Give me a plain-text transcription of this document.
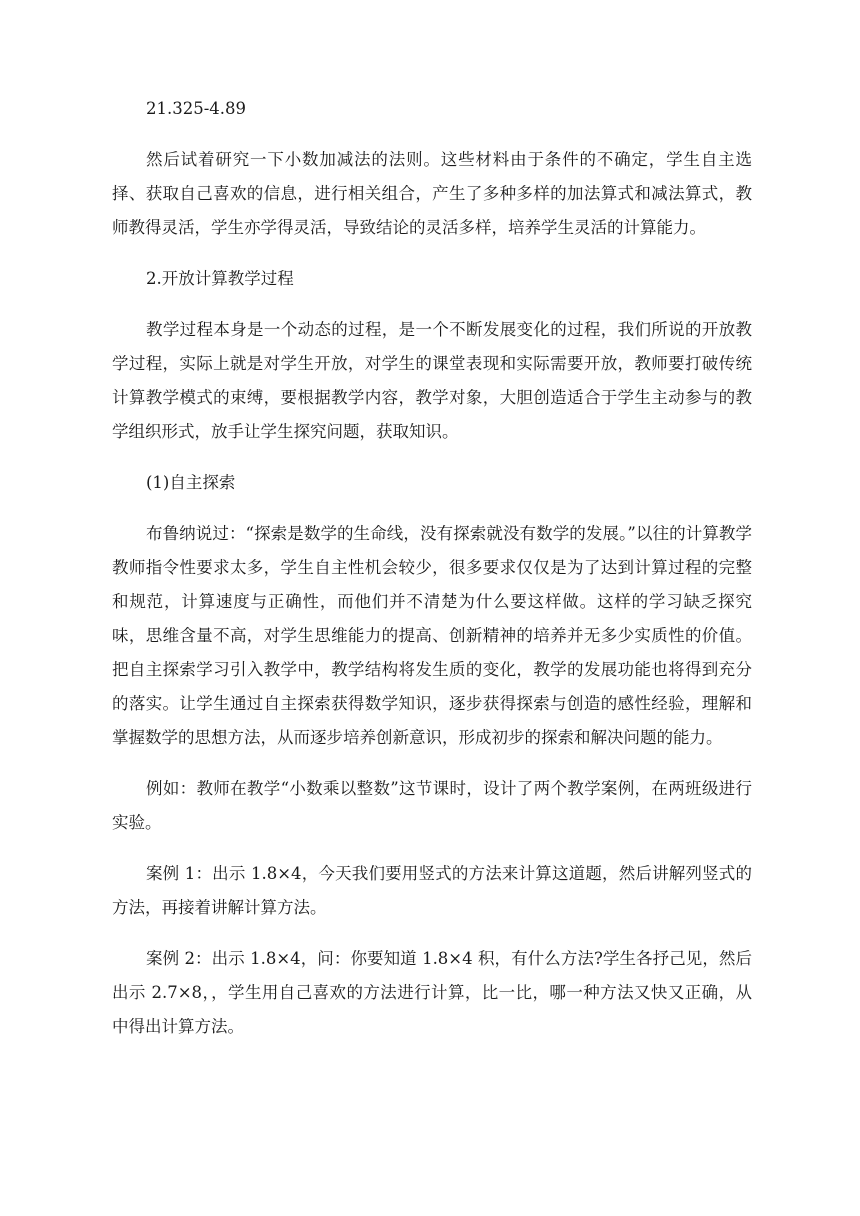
21.325-4.89

然后试着研究一下小数加减法的法则。这些材料由于条件的不确定，学生自主选择、获取自己喜欢的信息，进行相关组合，产生了多种多样的加法算式和减法算式，教师教得灵活，学生亦学得灵活，导致结论的灵活多样，培养学生灵活的计算能力。

2.开放计算教学过程

教学过程本身是一个动态的过程，是一个不断发展变化的过程，我们所说的开放教学过程，实际上就是对学生开放，对学生的课堂表现和实际需要开放，教师要打破传统计算教学模式的束缚，要根据教学内容，教学对象，大胆创造适合于学生主动参与的教学组织形式，放手让学生探究问题，获取知识。

(1)自主探索

布鲁纳说过：“探索是数学的生命线，没有探索就没有数学的发展。”以往的计算教学教师指令性要求太多，学生自主性机会较少，很多要求仅仅是为了达到计算过程的完整和规范，计算速度与正确性，而他们并不清楚为什么要这样做。这样的学习缺乏探究味，思维含量不高，对学生思维能力的提高、创新精神的培养并无多少实质性的价值。把自主探索学习引入教学中，教学结构将发生质的变化，教学的发展功能也将得到充分的落实。让学生通过自主探索获得数学知识，逐步获得探索与创造的感性经验，理解和掌握数学的思想方法，从而逐步培养创新意识，形成初步的探索和解决问题的能力。

例如：教师在教学“小数乘以整数”这节课时，设计了两个教学案例，在两班级进行实验。

案例 1：出示 1.8×4，今天我们要用竖式的方法来计算这道题，然后讲解列竖式的方法，再接着讲解计算方法。

案例 2：出示 1.8×4，问：你要知道 1.8×4 积，有什么方法?学生各抒己见，然后出示 2.7×8，，学生用自己喜欢的方法进行计算，比一比，哪一种方法又快又正确，从中得出计算方法。
